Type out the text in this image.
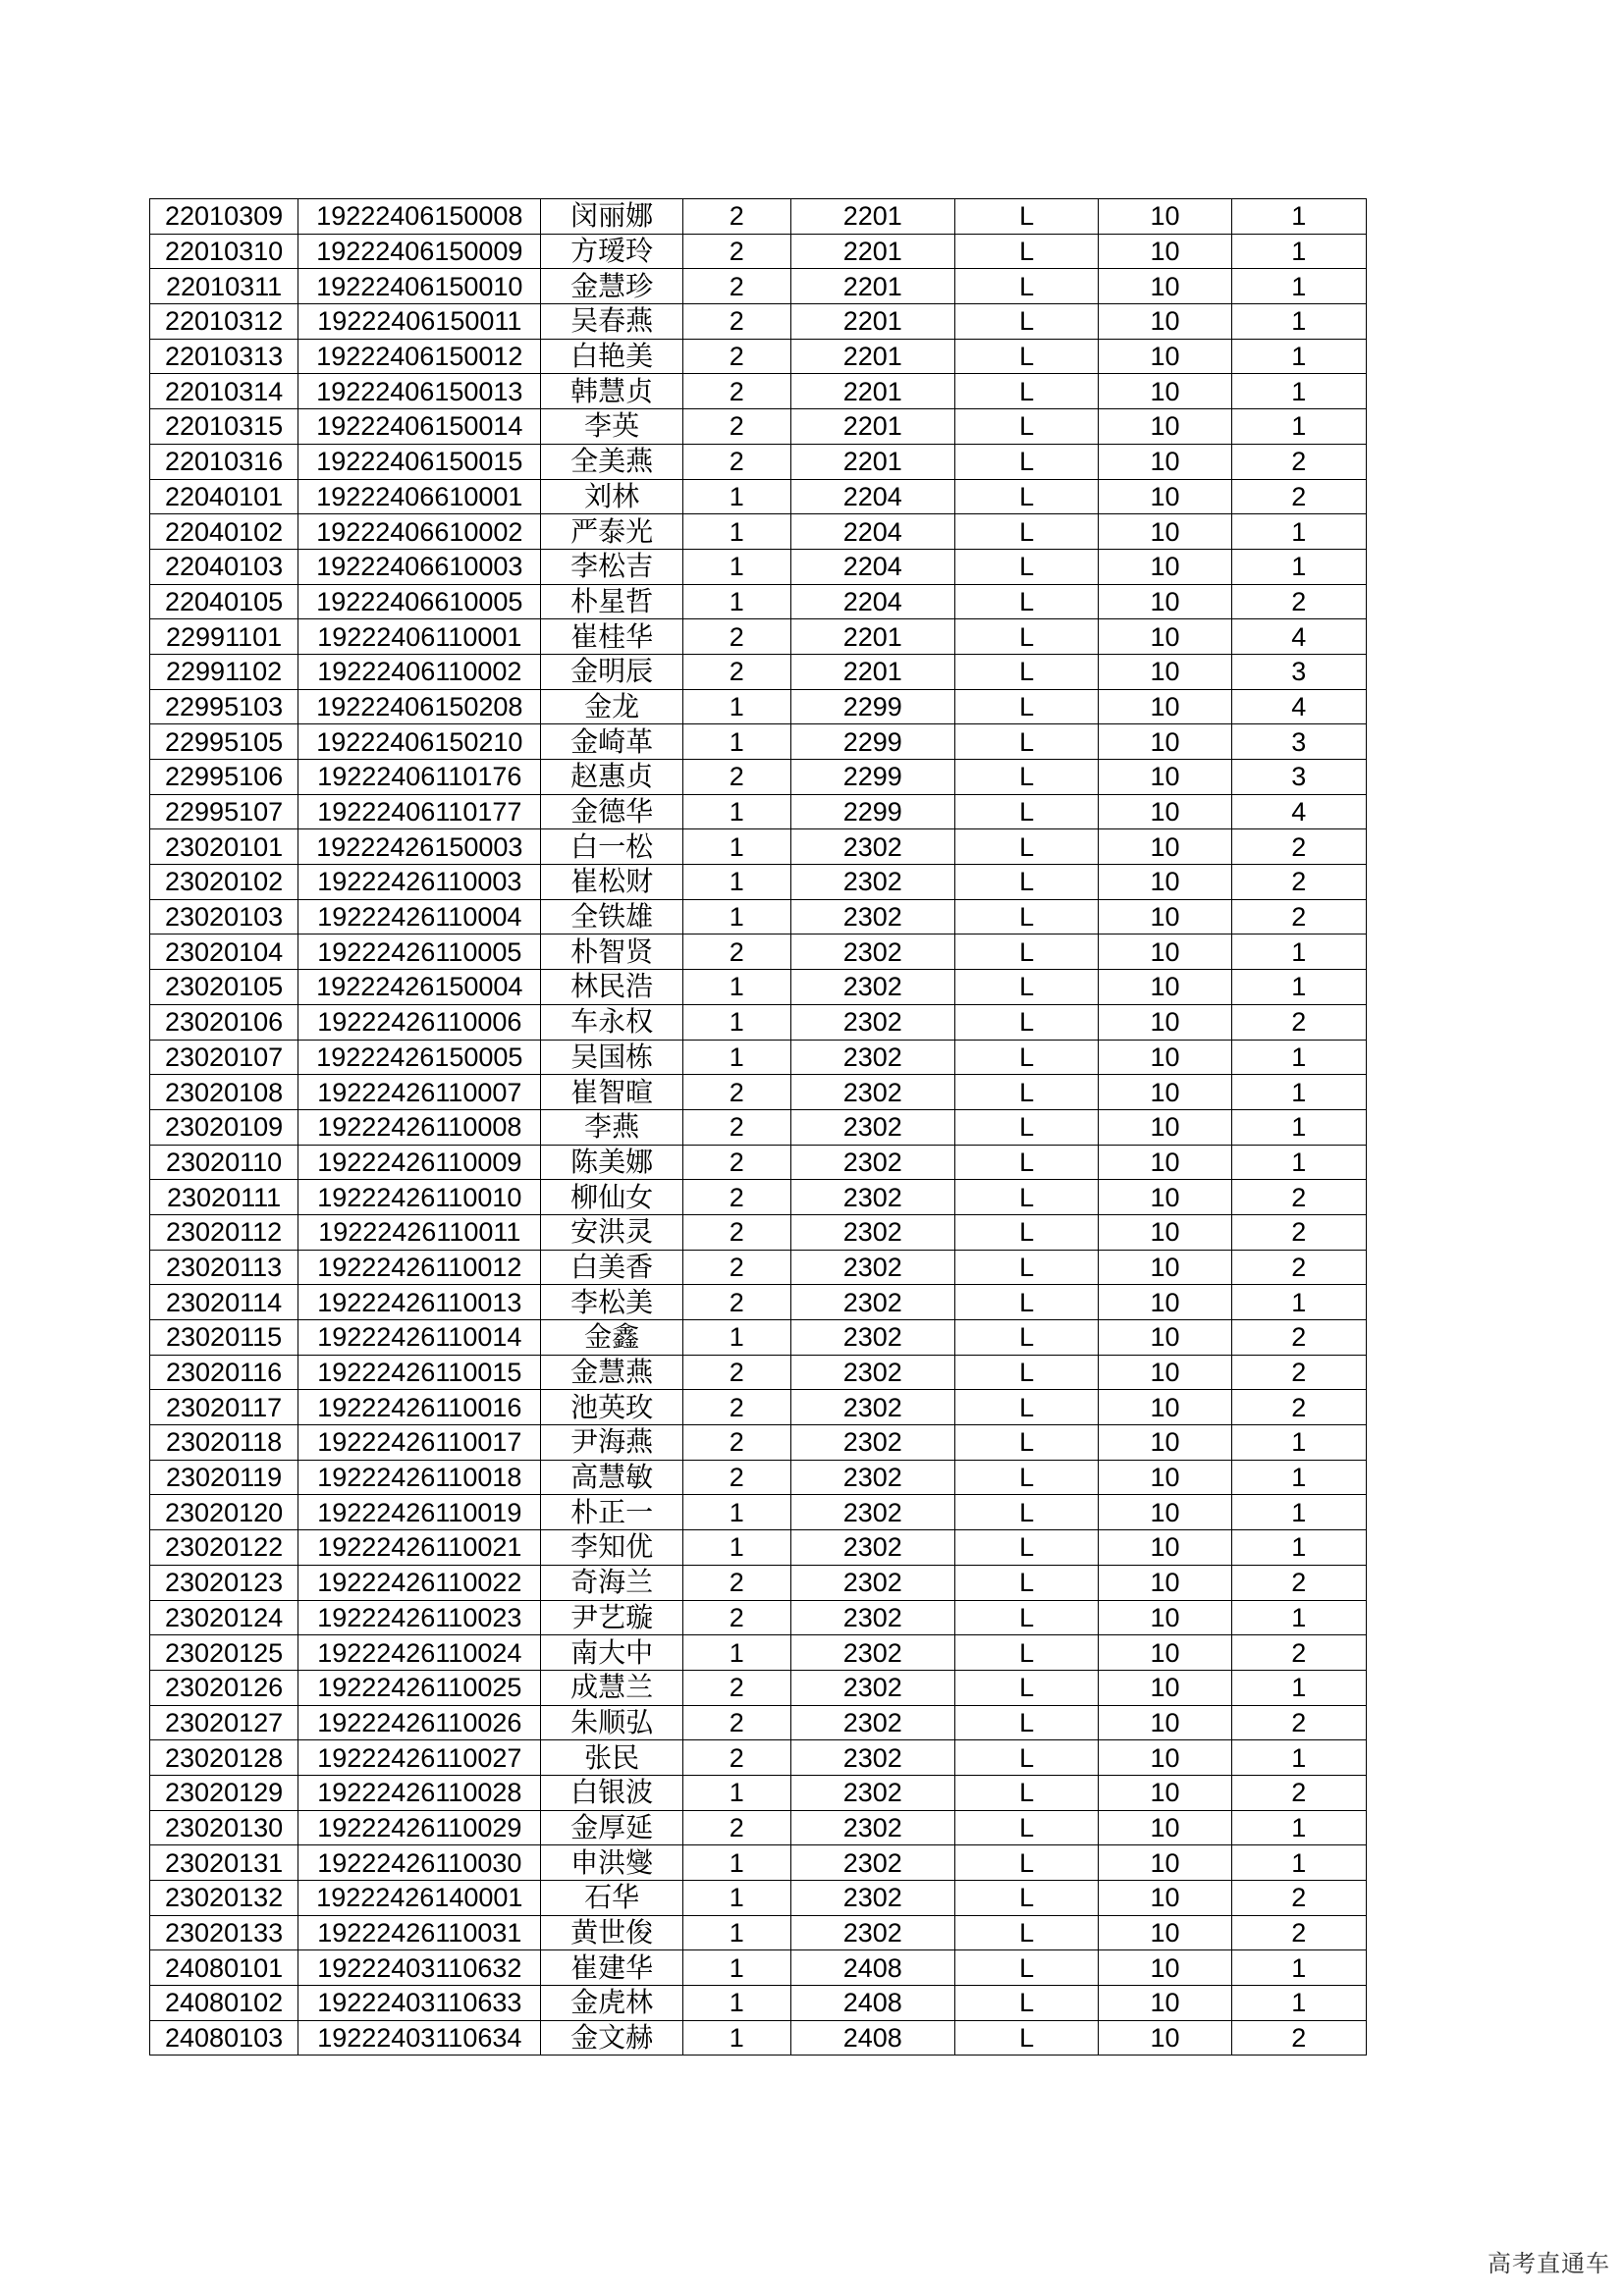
22010309	19222406150008	闵丽娜	2	2201	L	10	1
22010310	19222406150009	方瑷玲	2	2201	L	10	1
22010311	19222406150010	金慧珍	2	2201	L	10	1
22010312	19222406150011	吴春燕	2	2201	L	10	1
22010313	19222406150012	白艳美	2	2201	L	10	1
22010314	19222406150013	韩慧贞	2	2201	L	10	1
22010315	19222406150014	李英	2	2201	L	10	1
22010316	19222406150015	全美燕	2	2201	L	10	2
22040101	19222406610001	刘林	1	2204	L	10	2
22040102	19222406610002	严泰光	1	2204	L	10	1
22040103	19222406610003	李松吉	1	2204	L	10	1
22040105	19222406610005	朴星哲	1	2204	L	10	2
22991101	19222406110001	崔桂华	2	2201	L	10	4
22991102	19222406110002	金明辰	2	2201	L	10	3
22995103	19222406150208	金龙	1	2299	L	10	4
22995105	19222406150210	金崎革	1	2299	L	10	3
22995106	19222406110176	赵惠贞	2	2299	L	10	3
22995107	19222406110177	金德华	1	2299	L	10	4
23020101	19222426150003	白一松	1	2302	L	10	2
23020102	19222426110003	崔松财	1	2302	L	10	2
23020103	19222426110004	全铁雄	1	2302	L	10	2
23020104	19222426110005	朴智贤	2	2302	L	10	1
23020105	19222426150004	林民浩	1	2302	L	10	1
23020106	19222426110006	车永权	1	2302	L	10	2
23020107	19222426150005	吴国栋	1	2302	L	10	1
23020108	19222426110007	崔智暄	2	2302	L	10	1
23020109	19222426110008	李燕	2	2302	L	10	1
23020110	19222426110009	陈美娜	2	2302	L	10	1
23020111	19222426110010	柳仙女	2	2302	L	10	2
23020112	19222426110011	安洪灵	2	2302	L	10	2
23020113	19222426110012	白美香	2	2302	L	10	2
23020114	19222426110013	李松美	2	2302	L	10	1
23020115	19222426110014	金鑫	1	2302	L	10	2
23020116	19222426110015	金慧燕	2	2302	L	10	2
23020117	19222426110016	池英玫	2	2302	L	10	2
23020118	19222426110017	尹海燕	2	2302	L	10	1
23020119	19222426110018	高慧敏	2	2302	L	10	1
23020120	19222426110019	朴正一	1	2302	L	10	1
23020122	19222426110021	李知优	1	2302	L	10	1
23020123	19222426110022	奇海兰	2	2302	L	10	2
23020124	19222426110023	尹艺璇	2	2302	L	10	1
23020125	19222426110024	南大中	1	2302	L	10	2
23020126	19222426110025	成慧兰	2	2302	L	10	1
23020127	19222426110026	朱顺弘	2	2302	L	10	2
23020128	19222426110027	张民	2	2302	L	10	1
23020129	19222426110028	白银波	1	2302	L	10	2
23020130	19222426110029	金厚延	2	2302	L	10	1
23020131	19222426110030	申洪燮	1	2302	L	10	1
23020132	19222426140001	石华	1	2302	L	10	2
23020133	19222426110031	黄世俊	1	2302	L	10	2
24080101	19222403110632	崔建华	1	2408	L	10	1
24080102	19222403110633	金虎林	1	2408	L	10	1
24080103	19222403110634	金文赫	1	2408	L	10	2
高考直通车
